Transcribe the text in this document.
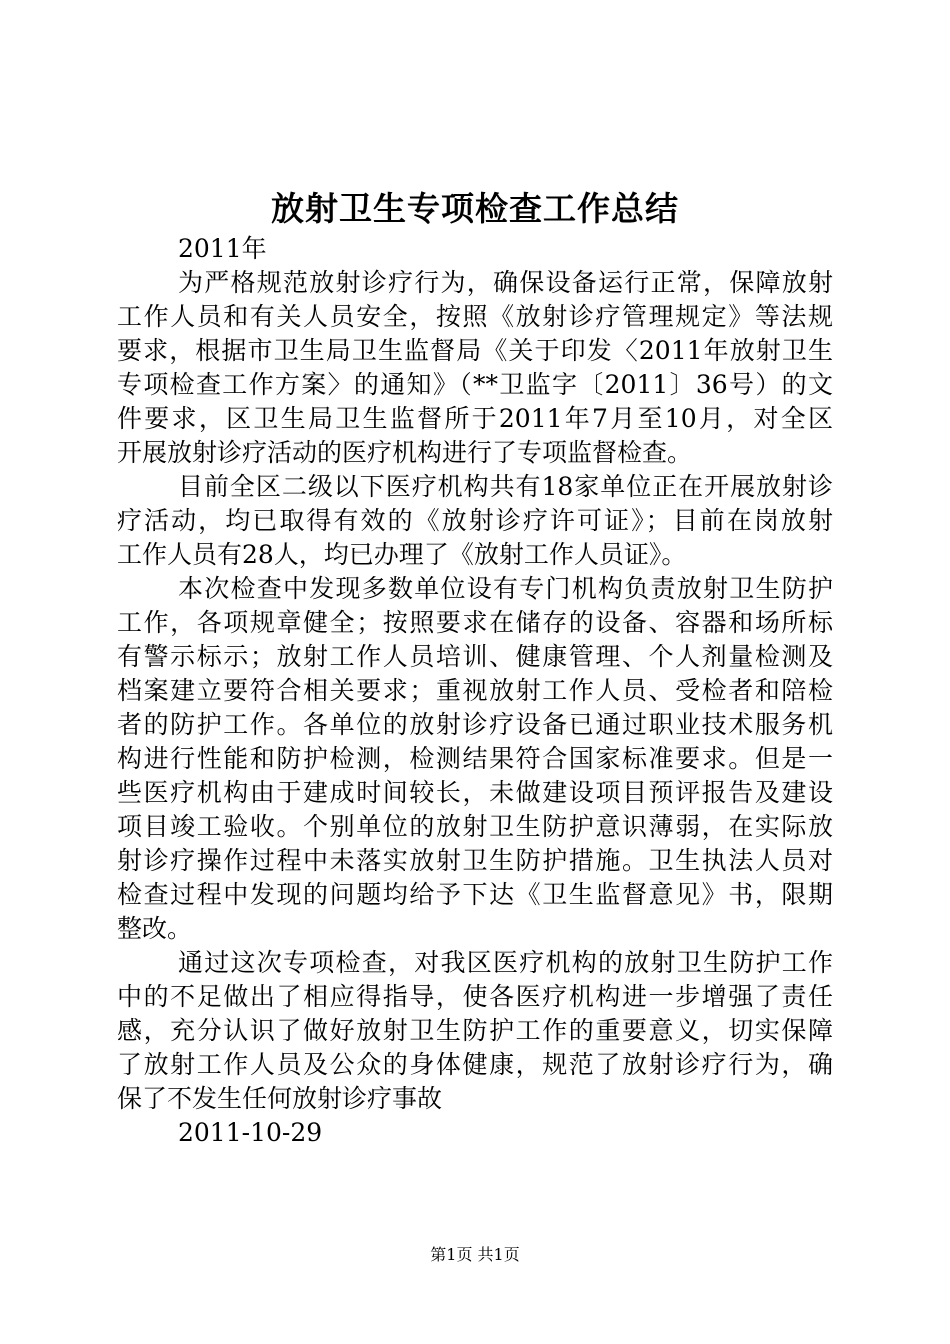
放射卫生专项检查工作总结
2011年
为严格规范放射诊疗行为，确保设备运行正常，保障放射
工作人员和有关人员安全，按照《放射诊疗管理规定》等法规
要求，根据市卫生局卫生监督局《关于印发〈2011年放射卫生
专项检查工作方案〉的通知》（**卫监字〔2011〕36号）的文
件要求，区卫生局卫生监督所于2011年7月至10月，对全区
开展放射诊疗活动的医疗机构进行了专项监督检查。
目前全区二级以下医疗机构共有18家单位正在开展放射诊
疗活动，均已取得有效的《放射诊疗许可证》；目前在岗放射
工作人员有28人，均已办理了《放射工作人员证》。
本次检查中发现多数单位设有专门机构负责放射卫生防护
工作，各项规章健全；按照要求在储存的设备、容器和场所标
有警示标示；放射工作人员培训、健康管理、个人剂量检测及
档案建立要符合相关要求；重视放射工作人员、受检者和陪检
者的防护工作。各单位的放射诊疗设备已通过职业技术服务机
构进行性能和防护检测，检测结果符合国家标准要求。但是一
些医疗机构由于建成时间较长，未做建设项目预评报告及建设
项目竣工验收。个别单位的放射卫生防护意识薄弱，在实际放
射诊疗操作过程中未落实放射卫生防护措施。卫生执法人员对
检查过程中发现的问题均给予下达《卫生监督意见》书，限期
整改。
通过这次专项检查，对我区医疗机构的放射卫生防护工作
中的不足做出了相应得指导，使各医疗机构进一步增强了责任
感，充分认识了做好放射卫生防护工作的重要意义，切实保障
了放射工作人员及公众的身体健康，规范了放射诊疗行为，确
保了不发生任何放射诊疗事故
2011-10-29
第1页 共1页
